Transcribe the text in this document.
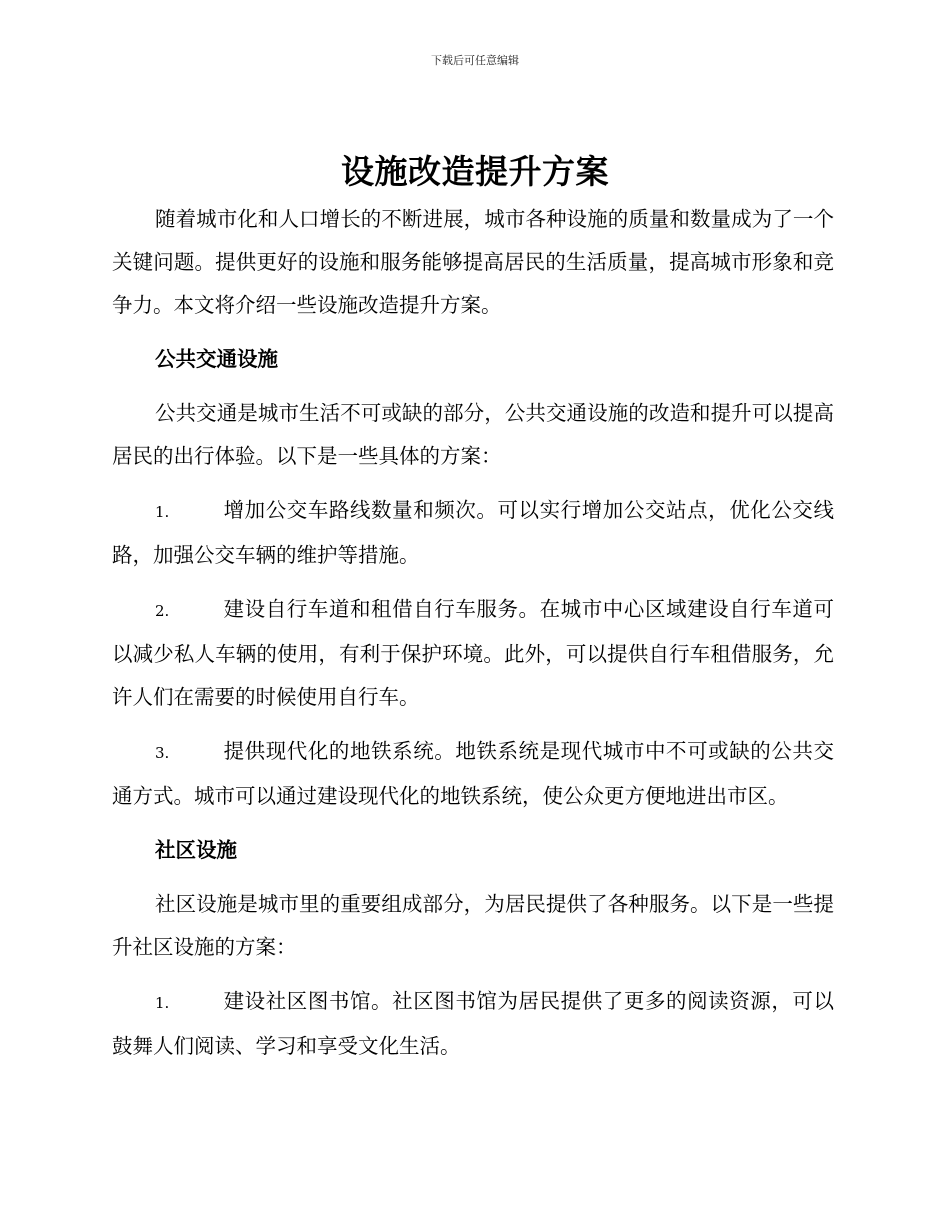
下载后可任意编辑
设施改造提升方案

随着城市化和人口增长的不断进展，城市各种设施的质量和数量成为了一个关键问题。提供更好的设施和服务能够提高居民的生活质量，提高城市形象和竞争力。本文将介绍一些设施改造提升方案。

公共交通设施

公共交通是城市生活不可或缺的部分，公共交通设施的改造和提升可以提高居民的出行体验。以下是一些具体的方案：

1.	增加公交车路线数量和频次。可以实行增加公交站点，优化公交线路，加强公交车辆的维护等措施。

2.	建设自行车道和租借自行车服务。在城市中心区域建设自行车道可以减少私人车辆的使用，有利于保护环境。此外，可以提供自行车租借服务，允许人们在需要的时候使用自行车。

3.	提供现代化的地铁系统。地铁系统是现代城市中不可或缺的公共交通方式。城市可以通过建设现代化的地铁系统，使公众更方便地进出市区。

社区设施

社区设施是城市里的重要组成部分，为居民提供了各种服务。以下是一些提升社区设施的方案：

1.	建设社区图书馆。社区图书馆为居民提供了更多的阅读资源，可以鼓舞人们阅读、学习和享受文化生活。
